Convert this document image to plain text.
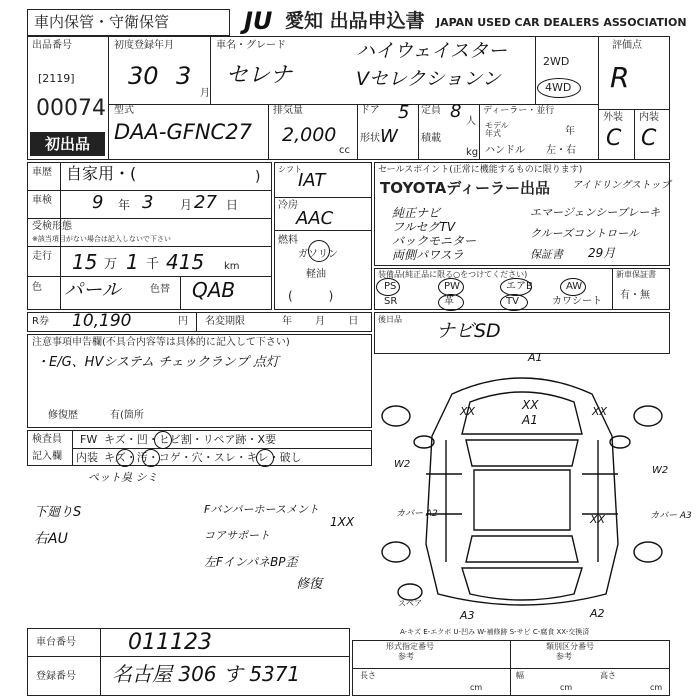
車内保管・守衛保管	JU 愛知 出品申込書 JAPAN USED CAR DEALERS ASSOCIATION
出品番号
[2119]
00074
初出品
初度登録年月
30 3
月
車名・グレード
セレナ
ハイウェイスター
Vセレクションン
2WD
4WD
評価点
R
外装 内装
C C
型式
DAA-GFNC27
排気量
2,000
cc
ドア 5
形状 W
定員 8 人
積載
kg
ディーラー・並行
モデル
年式	年
ハンドル 左・右
車歴 自家用・(	)
車検 9 年 3 月 27 日
受検形態
※該当項目がない場合は記入しないで下さい
走行 15 万 1 千 415 km
色 パール	色替 QAB
シフト
IAT
冷房
AAC
燃料
ガソリン
軽油
(　　　)
R券 10,190	円 名変期限	年 月 日
注意事項申告欄(不具合内容等は具体的に記入して下さい)
・E/G、HVシステム チェックランプ 点灯
修復歴	有(箇所
検査員
記入欄
FW キズ・凹・ヒビ割・リペア跡・X要
内装 キズ・汚・コゲ・穴・スレ・キレ・破し
ペット臭 シミ
下廻りS
右AU
Fバンパーホースメント
コアサポート
左FインパネBP歪
1XX
修復
セールスポイント(正常に機能するものに限ります)
TOYOTAディーラー出品
純正ナビ
フルセグTV
バックモニター
両側パワスラ
エマージェンシーブレーキ
クルーズコントロール
アイドリングストップ
保証書 29月
装備品(純正品に限る○をつけてください)
PS	PW	エアB	AW
SR	革	TV	カワシート
新車保証書
有・無
後日品
ナビSD
A1
XX
A1
XX	XX
W2
W2
カバー A2	カバー A3
XX
A3	A2
スペア
A-キズ E-エクボ U-凹み W-補修跡 S-サビ C-腐食 XX-交換済
車台番号 011123
登録番号 名古屋 306 す 5371
形式指定番号
参考
類別区分番号
参考
長さ
cm
幅
cm
高さ
cm
